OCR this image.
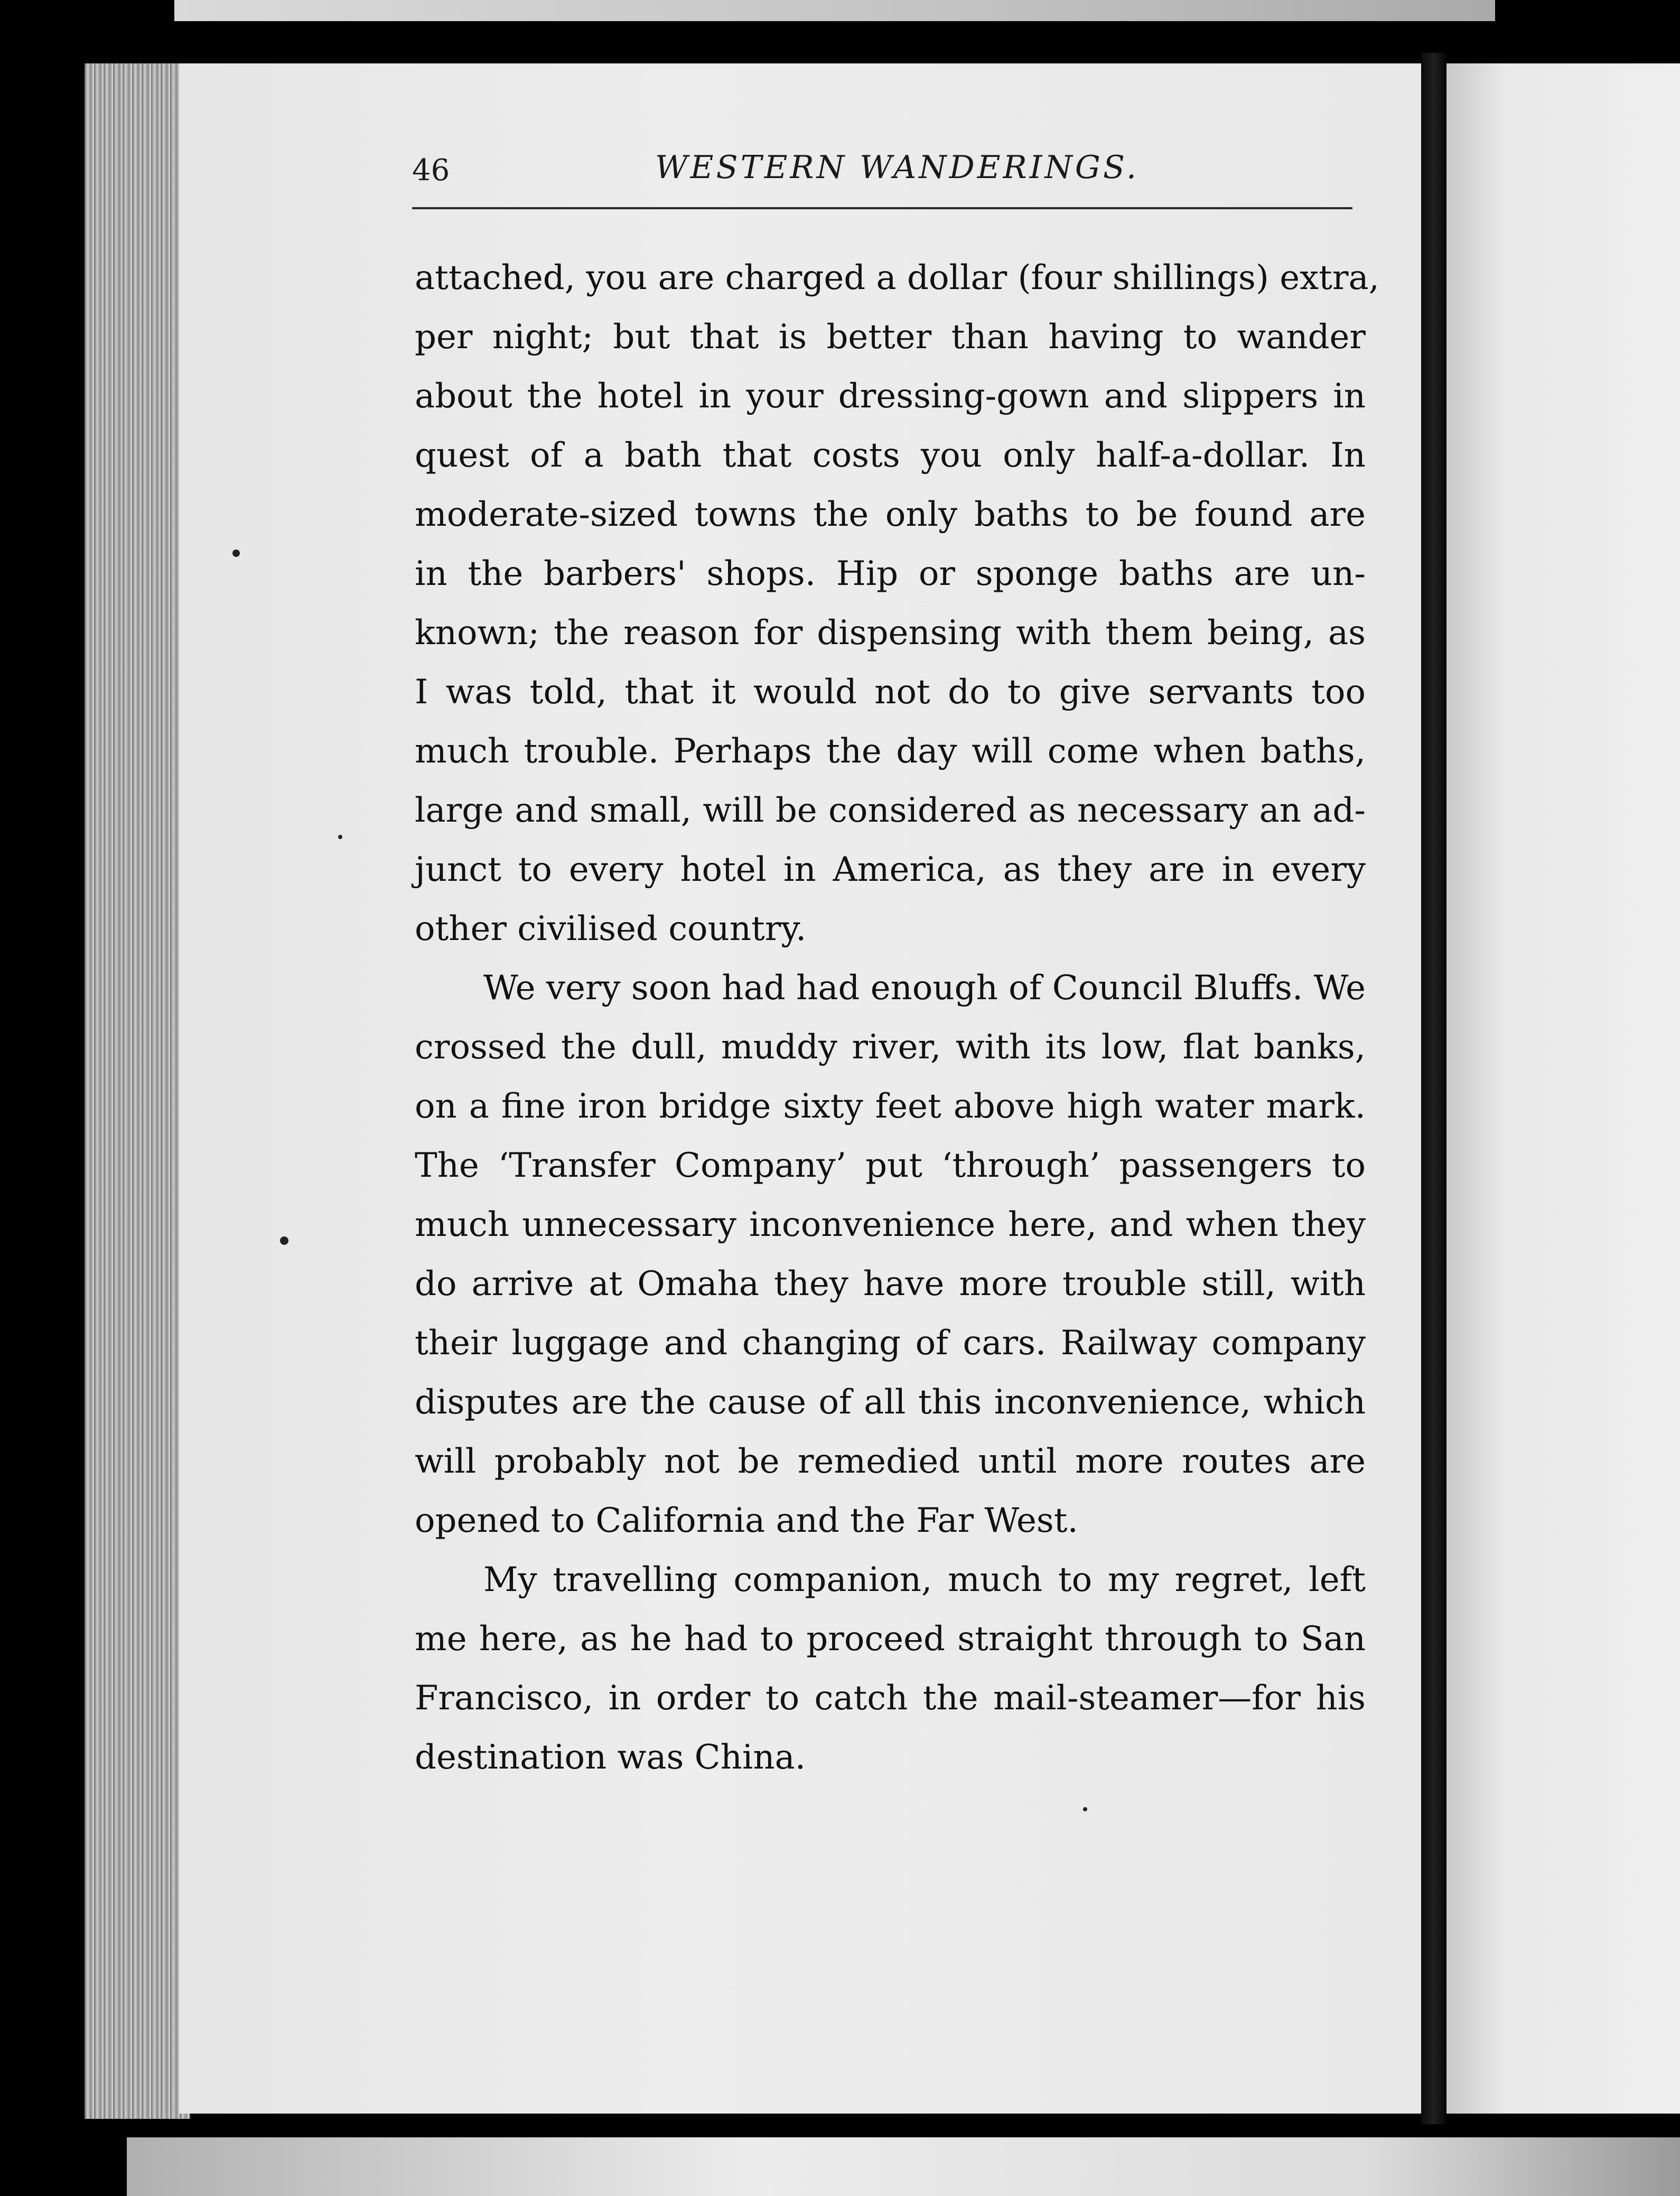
46	WESTERN WANDERINGS.
attached, you are charged a dollar (four shillings) extra,
per night; but that is better than having to wander
about the hotel in your dressing-gown and slippers in
quest of a bath that costs you only half-a-dollar. In
moderate-sized towns the only baths to be found are
in the barbers' shops. Hip or sponge baths are un-
known; the reason for dispensing with them being, as
I was told, that it would not do to give servants too
much trouble. Perhaps the day will come when baths,
large and small, will be considered as necessary an ad-
junct to every hotel in America, as they are in every
other civilised country.
We very soon had had enough of Council Bluffs. We
crossed the dull, muddy river, with its low, flat banks,
on a fine iron bridge sixty feet above high water mark.
The ‘Transfer Company’ put ‘through’ passengers to
much unnecessary inconvenience here, and when they
do arrive at Omaha they have more trouble still, with
their luggage and changing of cars. Railway company
disputes are the cause of all this inconvenience, which
will probably not be remedied until more routes are
opened to California and the Far West.
My travelling companion, much to my regret, left
me here, as he had to proceed straight through to San
Francisco, in order to catch the mail-steamer—for his
destination was China.
